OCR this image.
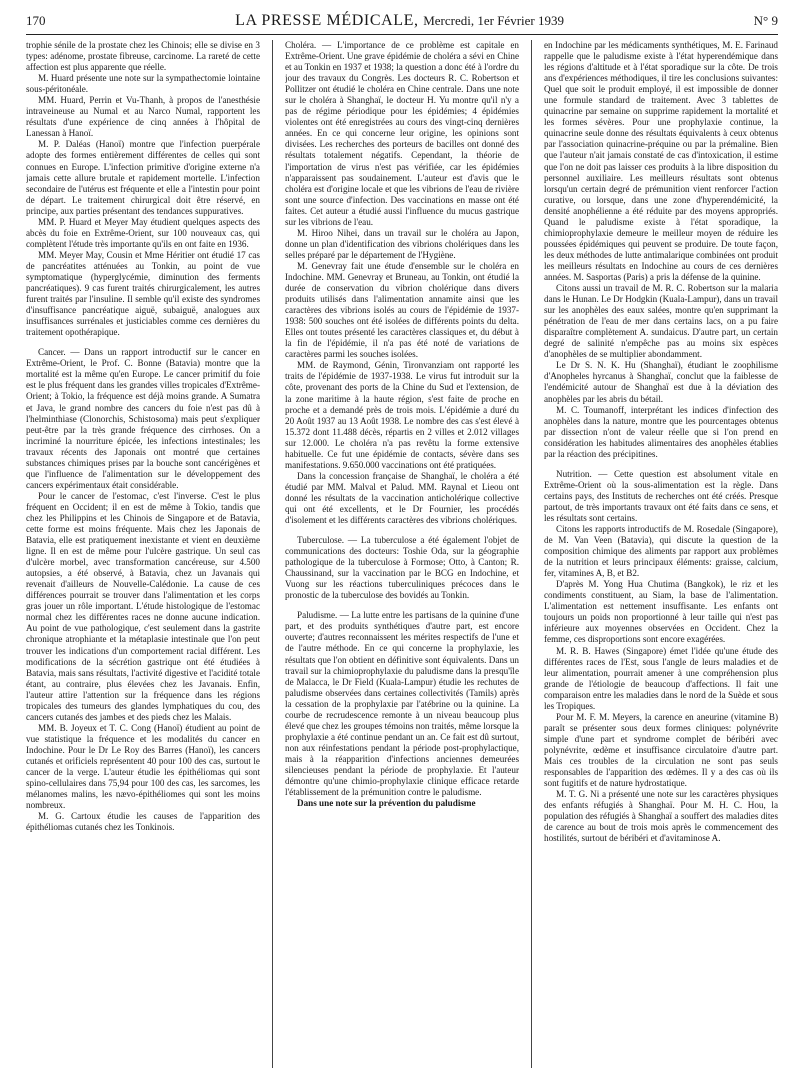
170	LA PRESSE MÉDICALE, Mercredi, 1er Février 1939	N° 9

trophie sénile de la prostate chez les Chinois; elle se divise en 3 types: adénome, prostate fibreuse, carcinome. La rareté de cette affection est plus apparente que réelle.

M. Huard présente une note sur la sympathectomie lointaine sous-péritonéale.

MM. Huard, Perrin et Vu-Thanh, à propos de l'anesthésie intraveineuse au Numal et au Narco Numal, rapportent les résultats d'une expérience de cinq années à l'hôpital de Lanessan à Hanoï.

M. P. Daléas (Hanoï) montre que l'infection puerpérale adopte des formes entièrement différentes de celles qui sont connues en Europe. L'infection primitive d'origine externe n'a jamais cette allure brutale et rapidement mortelle. L'infection secondaire de l'utérus est fréquente et elle a l'intestin pour point de départ. Le traitement chirurgical doit être réservé, en principe, aux parties présentant des tendances suppuratives.

MM. P. Huard et Meyer May étudient quelques aspects des abcès du foie en Extrême-Orient, sur 100 nouveaux cas, qui complètent l'étude très importante qu'ils en ont faite en 1936.

MM. Meyer May, Cousin et Mme Héritier ont étudié 17 cas de pancréatites atténuées au Tonkin, au point de vue symptomatique (hyperglycémie, diminution des ferments pancréatiques). 9 cas furent traités chirurgicalement, les autres furent traités par l'insuline. Il semble qu'il existe des syndromes d'insuffisance pancréatique aiguë, subaiguë, analogues aux insuffisances surrénales et justiciables comme ces dernières du traitement opothérapique.

Cancer. — Dans un rapport introductif sur le cancer en Extrême-Orient, le Prof. C. Bonne (Batavia) montre que la mortalité est la même qu'en Europe. Le cancer primitif du foie est le plus fréquent dans les grandes villes tropicales d'Extrême-Orient; à Tokio, la fréquence est déjà moins grande. A Sumatra et Java, le grand nombre des cancers du foie n'est pas dû à l'helminthiase (Clonorchis, Schistosoma) mais peut s'expliquer peut-être par la très grande fréquence des cirrhoses. On a incriminé la nourriture épicée, les infections intestinales; les travaux récents des Japonais ont montré que certaines substances chimiques prises par la bouche sont cancérigènes et que l'influence de l'alimentation sur le développement des cancers expérimentaux était considérable.

Pour le cancer de l'estomac, c'est l'inverse. C'est le plus fréquent en Occident; il en est de même à Tokio, tandis que chez les Philippins et les Chinois de Singapore et de Batavia, cette forme est moins fréquente. Mais chez les Japonais de Batavia, elle est pratiquement inexistante et vient en deuxième ligne. Il en est de même pour l'ulcère gastrique. Un seul cas d'ulcère morbel, avec transformation cancéreuse, sur 4.500 autopsies, a été observé, à Batavia, chez un Javanais qui revenait d'ailleurs de Nouvelle-Calédonie. La cause de ces différences pourrait se trouver dans l'alimentation et les corps gras jouer un rôle important. L'étude histologique de l'estomac normal chez les différentes races ne donne aucune indication. Au point de vue pathologique, c'est seulement dans la gastrite chronique atrophiante et la métaplasie intestinale que l'on peut trouver les indications d'un comportement racial différent. Les modifications de la sécrétion gastrique ont été étudiées à Batavia, mais sans résultats, l'activité digestive et l'acidité totale étant, au contraire, plus élevées chez les Javanais. Enfin, l'auteur attire l'attention sur la fréquence dans les régions tropicales des tumeurs des glandes lymphatiques du cou, des cancers cutanés des jambes et des pieds chez les Malais.

MM. B. Joyeux et T. C. Cong (Hanoï) étudient au point de vue statistique la fréquence et les modalités du cancer en Indochine. Pour le Dr Le Roy des Barres (Hanoï), les cancers cutanés et orificiels représentent 40 pour 100 des cas, surtout le cancer de la verge. L'auteur étudie les épithéliomas qui sont spino-cellulaires dans 75,94 pour 100 des cas, les sarcomes, les mélanomes malins, les nævo-épithéliomes qui sont les moins nombreux.

M. G. Cartoux étudie les causes de l'apparition des épithéliomas cutanés chez les Tonkinois.

Choléra. — L'importance de ce problème est capitale en Extrême-Orient. Une grave épidémie de choléra a sévi en Chine et au Tonkin en 1937 et 1938; la question a donc été à l'ordre du jour des travaux du Congrès. Les docteurs R. C. Robertson et Pollitzer ont étudié le choléra en Chine centrale. Dans une note sur le choléra à Shanghaï, le docteur H. Yu montre qu'il n'y a pas de régime périodique pour les épidémies; 4 épidémies violentes ont été enregistrées au cours des vingt-cinq dernières années. En ce qui concerne leur origine, les opinions sont divisées. Les recherches des porteurs de bacilles ont donné des résultats totalement négatifs. Cependant, la théorie de l'importation de virus n'est pas vérifiée, car les épidémies n'apparaissent pas soudainement. L'auteur est d'avis que le choléra est d'origine locale et que les vibrions de l'eau de rivière sont une source d'infection. Des vaccinations en masse ont été faites. Cet auteur a étudié aussi l'influence du mucus gastrique sur les vibrions de l'eau.

M. Hiroo Nihei, dans un travail sur le choléra au Japon, donne un plan d'identification des vibrions cholériques dans les selles préparé par le département de l'Hygiène.

M. Genevray fait une étude d'ensemble sur le choléra en Indochine. MM. Genevray et Bruneau, au Tonkin, ont étudié la durée de conservation du vibrion cholérique dans divers produits utilisés dans l'alimentation annamite ainsi que les caractères des vibrions isolés au cours de l'épidémie de 1937-1938: 500 souches ont été isolées de différents points du delta. Elles ont toutes présenté les caractères classiques et, du début à la fin de l'épidémie, il n'a pas été noté de variations de caractères parmi les souches isolées.

MM. de Raymond, Génin, Tironvanziam ont rapporté les traits de l'épidémie de 1937-1938. Le virus fut introduit sur la côte, provenant des ports de la Chine du Sud et l'extension, de la zone maritime à la haute région, s'est faite de proche en proche et a demandé près de trois mois. L'épidémie a duré du 20 Août 1937 au 13 Août 1938. Le nombre des cas s'est élevé à 15.372 dont 11.488 décès, répartis en 2 villes et 2.012 villages sur 12.000. Le choléra n'a pas revêtu la forme extensive habituelle. Ce fut une épidémie de contacts, sévère dans ses manifestations. 9.650.000 vaccinations ont été pratiquées.

Dans la concession française de Shanghaï, le choléra a été étudié par MM. Malval et Palud. MM. Raynal et Lieou ont donné les résultats de la vaccination anticholérique collective qui ont été excellents, et le Dr Fournier, les procédés d'isolement et les différents caractères des vibrions cholériques.

Tuberculose. — La tuberculose a été également l'objet de communications des docteurs: Toshie Oda, sur la géographie pathologique de la tuberculose à Formose; Otto, à Canton; R. Chaussinand, sur la vaccination par le BCG en Indochine, et Vuong sur les réactions tuberculiniques précoces dans le pronostic de la tuberculose des bovidés au Tonkin.

Paludisme. — La lutte entre les partisans de la quinine d'une part, et des produits synthétiques d'autre part, est encore ouverte; d'autres reconnaissent les mérites respectifs de l'une et de l'autre méthode. En ce qui concerne la prophylaxie, les résultats que l'on obtient en définitive sont équivalents. Dans un travail sur la chimioprophylaxie du paludisme dans la presqu'île de Malacca, le Dr Field (Kuala-Lampur) étudie les rechutes de paludisme observées dans certaines collectivités (Tamils) après la cessation de la prophylaxie par l'atébrine ou la quinine. La courbe de recrudescence remonte à un niveau beaucoup plus élevé que chez les groupes témoins non traités, même lorsque la prophylaxie a été continue pendant un an. Ce fait est dû surtout, non aux réinfestations pendant la période post-prophylactique, mais à la réapparition d'infections anciennes demeurées silencieuses pendant la période de prophylaxie. Et l'auteur démontre qu'une chimio-prophylaxie clinique efficace retarde l'établissement de la prémunition contre le paludisme.

Dans une note sur la prévention du paludisme

en Indochine par les médicaments synthétiques, M. E. Farinaud rappelle que le paludisme existe à l'état hyperendémique dans les régions d'altitude et à l'état sporadique sur la côte. De trois ans d'expériences méthodiques, il tire les conclusions suivantes: Quel que soit le produit employé, il est impossible de donner une formule standard de traitement. Avec 3 tablettes de quinacrine par semaine on supprime rapidement la mortalité et les formes sévères. Pour une prophylaxie continue, la quinacrine seule donne des résultats équivalents à ceux obtenus par l'association quinacrine-préquine ou par la prémaline. Bien que l'auteur n'ait jamais constaté de cas d'intoxication, il estime que l'on ne doit pas laisser ces produits à la libre disposition du personnel auxiliaire. Les meilleurs résultats sont obtenus lorsqu'un certain degré de prémunition vient renforcer l'action curative, ou lorsque, dans une zone d'hyperendémicité, la densité anophélienne a été réduite par des moyens appropriés. Quand le paludisme existe à l'état sporadique, la chimioprophylaxie demeure le meilleur moyen de réduire les poussées épidémiques qui peuvent se produire. De toute façon, les deux méthodes de lutte antimalarique combinées ont produit les meilleurs résultats en Indochine au cours de ces dernières années. M. Sasportas (Paris) a pris la défense de la quinine.

Citons aussi un travail de M. R. C. Robertson sur la malaria dans le Hunan. Le Dr Hodgkin (Kuala-Lampur), dans un travail sur les anophèles des eaux salées, montre qu'en supprimant la pénétration de l'eau de mer dans certains lacs, on a pu faire disparaître complètement A. sundaicus. D'autre part, un certain degré de salinité n'empêche pas au moins six espèces d'anophèles de se multiplier abondamment.

Le Dr S. N. K. Hu (Shanghaï), étudiant le zoophilisme d'Anopheles hyrcanus à Shanghaï, conclut que la faiblesse de l'endémicité autour de Shanghaï est due à la déviation des anophèles par les abris du bétail.

M. C. Toumanoff, interprétant les indices d'infection des anophèles dans la nature, montre que les pourcentages obtenus par dissection n'ont de valeur réelle que si l'on prend en considération les habitudes alimentaires des anophèles établies par la réaction des précipitines.

Nutrition. — Cette question est absolument vitale en Extrême-Orient où la sous-alimentation est la règle. Dans certains pays, des Instituts de recherches ont été créés. Presque partout, de très importants travaux ont été faits dans ce sens, et les résultats sont certains.

Citons les rapports introductifs de M. Rosedale (Singapore), de M. Van Veen (Batavia), qui discute la question de la composition chimique des aliments par rapport aux problèmes de la nutrition et leurs principaux éléments: graisse, calcium, fer, vitamines A, B, et B2.

D'après M. Yong Hua Chutima (Bangkok), le riz et les condiments constituent, au Siam, la base de l'alimentation. L'alimentation est nettement insuffisante. Les enfants ont toujours un poids non proportionné à leur taille qui n'est pas inférieure aux moyennes observées en Occident. Chez la femme, ces disproportions sont encore exagérées.

M. R. B. Hawes (Singapore) émet l'idée qu'une étude des différentes races de l'Est, sous l'angle de leurs maladies et de leur alimentation, pourrait amener à une compréhension plus grande de l'étiologie de beaucoup d'affections. Il fait une comparaison entre les maladies dans le nord de la Suède et sous les Tropiques.

Pour M. F. M. Meyers, la carence en aneurine (vitamine B) paraît se présenter sous deux formes cliniques: polynévrite simple d'une part et syndrome complet de béribéri avec polynévrite, œdème et insuffisance circulatoire d'autre part. Mais ces troubles de la circulation ne sont pas seuls responsables de l'apparition des œdèmes. Il y a des cas où ils sont fugitifs et de nature hydrostatique.

M. T. G. Ni a présenté une note sur les caractères physiques des enfants réfugiés à Shanghaï. Pour M. H. C. Hou, la population des réfugiés à Shanghaï a souffert des maladies dites de carence au bout de trois mois après le commencement des hostilités, surtout de béribéri et d'avitaminose A.
